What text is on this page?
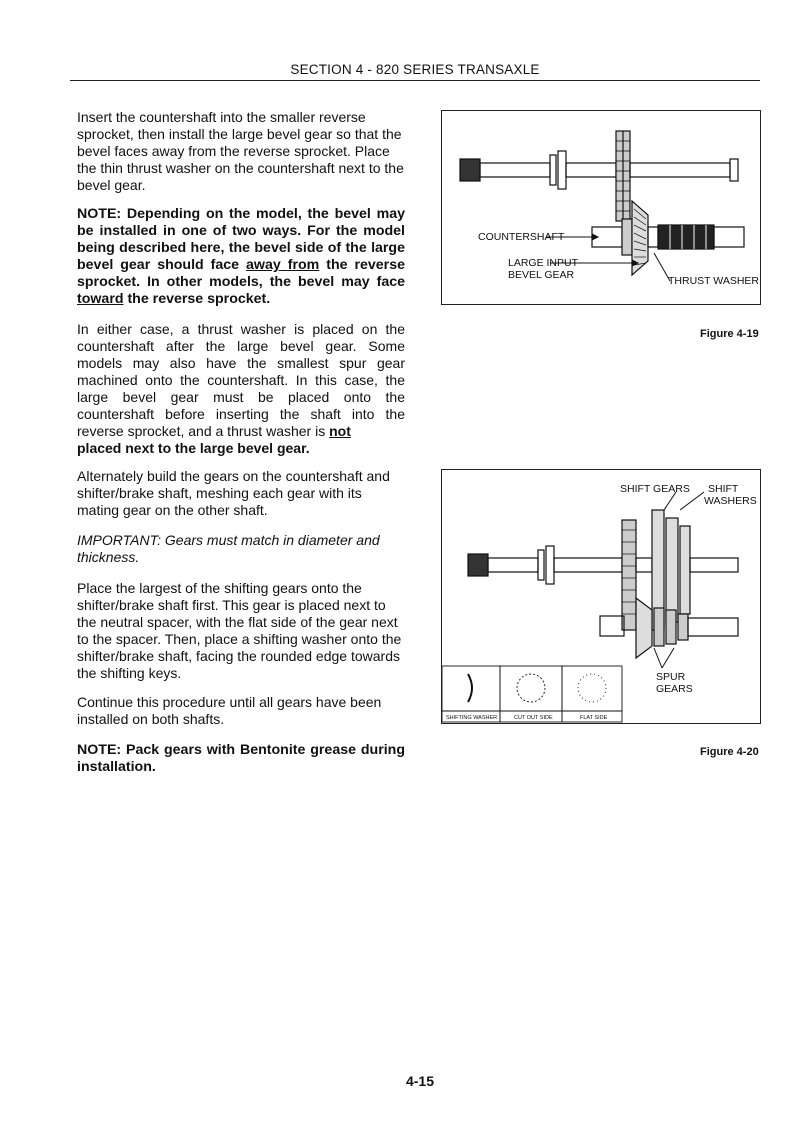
SECTION 4 - 820 SERIES TRANSAXLE

Insert the countershaft into the smaller reverse sprocket, then install the large bevel gear so that the bevel faces away from the reverse sprocket. Place the thin thrust washer on the countershaft next to the bevel gear.

NOTE: Depending on the model, the bevel may be installed in one of two ways. For the model being described here, the bevel side of the large bevel gear should face away from the reverse sprocket. In other models, the bevel may face toward the reverse sprocket.

In either case, a thrust washer is placed on the countershaft after the large bevel gear. Some models may also have the smallest spur gear machined onto the countershaft. In this case, the large bevel gear must be placed onto the countershaft before inserting the shaft into the reverse sprocket, and a thrust washer is not
placed next to the large bevel gear.

Alternately build the gears on the countershaft and shifter/brake shaft, meshing each gear with its mating gear on the other shaft.

IMPORTANT: Gears must match in diameter and thickness.

Place the largest of the shifting gears onto the shifter/brake shaft first. This gear is placed next to the neutral spacer, with the flat side of the gear next to the spacer. Then, place a shifting washer onto the shifter/brake shaft, facing the rounded edge towards the shifting keys.

Continue this procedure until all gears have been installed on both shafts.

NOTE: Pack gears with Bentonite grease during installation.

COUNTERSHAFT
LARGE INPUT
BEVEL GEAR	THRUST WASHER
Figure 4-19
SHIFT GEARS SHIFT
WASHERS
SPUR
GEARS
SHIFTING WASHER	CUT OUT SIDE	FLAT SIDE
Figure 4-20
4-15
